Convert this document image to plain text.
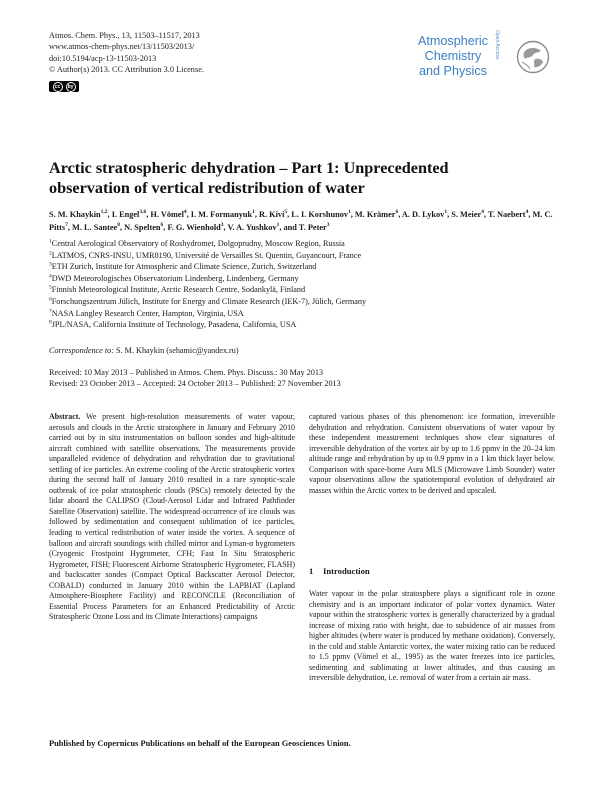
Atmos. Chem. Phys., 13, 11503–11517, 2013
www.atmos-chem-phys.net/13/11503/2013/
doi:10.5194/acp-13-11503-2013
© Author(s) 2013. CC Attribution 3.0 License.
cc	by
Atmospheric
Chemistry
and Physics
Open Access
Arctic stratospheric dehydration – Part 1: Unprecedented
observation of vertical redistribution of water
S. M. Khaykin$^{1,2}$, I. Engel$^{3,6}$, H. Vömel$^4$, I. M. Formanyuk$^1$, R. Kivi$^5$, L. I. Korshunov$^1$, M. Krämer$^6$, A. D. Lykov$^1$, S. Meier$^4$, T. Naebert$^4$, M. C. Pitts$^7$, M. L. Santee$^8$, N. Spelten$^6$, F. G. Wienhold$^3$, V. A. Yushkov$^1$, and T. Peter$^3$
$^1$Central Aerological Observatory of Roshydromet, Dolgoprudny, Moscow Region, Russia
$^2$LATMOS, CNRS-INSU, UMR8190, Université de Versailles St. Quentin, Guyancourt, France
$^3$ETH Zurich, Institute for Atmospheric and Climate Science, Zurich, Switzerland
$^4$DWD Meteorologisches Observatorium Lindenberg, Lindenberg, Germany
$^5$Finnish Meteorological Institute, Arctic Research Centre, Sodankylä, Finland
$^6$Forschungszentrum Jülich, Institute for Energy and Climate Research (IEK-7), Jülich, Germany
$^7$NASA Langley Research Center, Hampton, Virginia, USA
$^8$JPL/NASA, California Institute of Technology, Pasadena, California, USA
Correspondence to: S. M. Khaykin (sehamic@yandex.ru)
Received: 10 May 2013 – Published in Atmos. Chem. Phys. Discuss.: 30 May 2013
Revised: 23 October 2013 – Accepted: 24 October 2013 – Published: 27 November 2013

Abstract. We present high-resolution measurements of water vapour, aerosols and clouds in the Arctic stratosphere in January and February 2010 carried out by in situ instrumentation on balloon sondes and high-altitude aircraft combined with satellite observations. The measurements provide unparalleled evidence of dehydration and rehydration due to gravitational settling of ice particles. An extreme cooling of the Arctic stratospheric vortex during the second half of January 2010 resulted in a rare synoptic-scale outbreak of ice polar stratospheric clouds (PSCs) remotely detected by the lidar aboard the CALIPSO (Cloud-Aerosol Lidar and Infrared Pathfinder Satellite Observation) satellite. The widespread occurrence of ice clouds was followed by sedimentation and consequent sublimation of ice particles, leading to vertical redistribution of water inside the vortex. A sequence of balloon and aircraft soundings with chilled mirror and Lyman-α hygrometers (Cryogenic Frostpoint Hygrometer, CFH; Fast In Situ Stratospheric Hygrometer, FISH; Fluorescent Airborne Stratospheric Hygrometer, FLASH) and backscatter sondes (Compact Optical Backscatter Aerosol Detector, COBALD) conducted in January 2010 within the LAPBIAT (Lapland Atmosphere-Biosphere Facility) and RECONCILE (Reconciliation of Essential Process Parameters for an Enhanced Predictability of Arctic Stratospheric Ozone Loss and its Climate Interactions) campaigns

captured various phases of this phenomenon: ice formation, irreversible dehydration and rehydration. Consistent observations of water vapour by these independent measurement techniques show clear signatures of irreversible dehydration of the vortex air by up to 1.6 ppmv in the 20–24 km altitude range and rehydration by up to 0.9 ppmv in a 1 km thick layer below. Comparison with space-borne Aura MLS (Microwave Limb Sounder) water vapour observations allow the spatiotemporal evolution of dehydrated air masses within the Arctic vortex to be derived and upscaled.

1 Introduction

Water vapour in the polar stratosphere plays a significant role in ozone chemistry and is an important indicator of polar vortex dynamics. Water vapour within the stratospheric vortex is generally characterized by a gradual increase of mixing ratio with height, due to subsidence of air masses from higher altitudes (where water is produced by methane oxidation). Conversely, in the cold and stable Antarctic vortex, the water mixing ratio can be reduced to 1.5 ppmv (Vömel et al., 1995) as the water freezes into ice particles, sedimenting and sublimating at lower altitudes, and thus causing an irreversible dehydration, i.e. removal of water from a certain air mass.

Published by Copernicus Publications on behalf of the European Geosciences Union.
